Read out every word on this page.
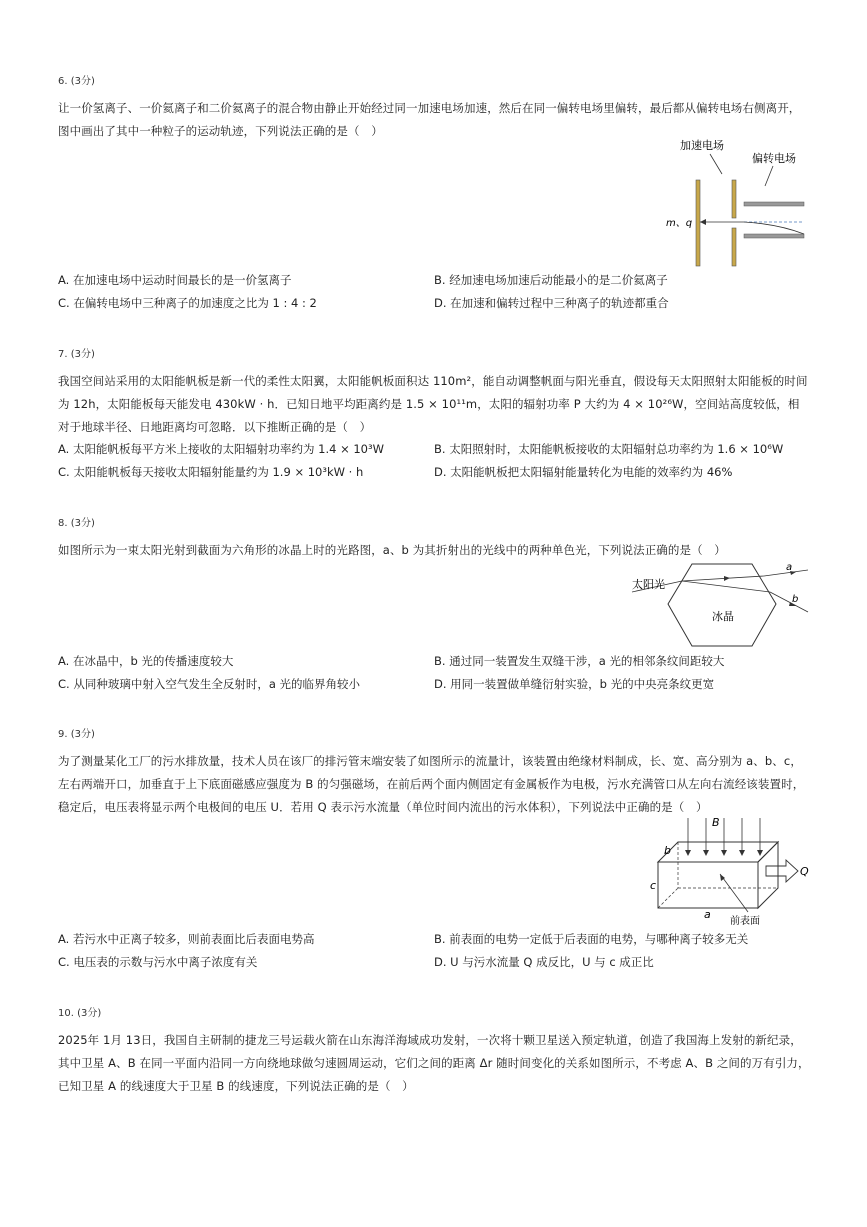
6. (3分)
让一价氢离子、一价氦离子和二价氦离子的混合物由静止开始经过同一加速电场加速，然后在同一偏转电场里偏转，最后都从偏转电场右侧离开，图中画出了其中一种粒子的运动轨迹，下列说法正确的是（　）
加速电场
偏转电场
m、q
A. 在加速电场中运动时间最长的是一价氢离子	B. 经加速电场加速后动能最小的是二价氦离子
C. 在偏转电场中三种离子的加速度之比为 1 : 4 : 2	D. 在加速和偏转过程中三种离子的轨迹都重合
7. (3分)
我国空间站采用的太阳能帆板是新一代的柔性太阳翼，太阳能帆板面积达 110m²，能自动调整帆面与阳光垂直，假设每天太阳照射太阳能板的时间为 12h，太阳能板每天能发电 430kW · h．已知日地平均距离约是 1.5 × 10¹¹m，太阳的辐射功率 P 大约为 4 × 10²⁶W，空间站高度较低，相对于地球半径、日地距离均可忽略．以下推断正确的是（　）
A. 太阳能帆板每平方米上接收的太阳辐射功率约为 1.4 × 10³W	B. 太阳照射时，太阳能帆板接收的太阳辐射总功率约为 1.6 × 10⁶W
C. 太阳能帆板每天接收太阳辐射能量约为 1.9 × 10³kW · h	D. 太阳能帆板把太阳辐射能量转化为电能的效率约为 46%
8. (3分)
如图所示为一束太阳光射到截面为六角形的冰晶上时的光路图，a、b 为其折射出的光线中的两种单色光，下列说法正确的是（　）
太阳光
冰晶
a
b
A. 在冰晶中，b 光的传播速度较大	B. 通过同一装置发生双缝干涉，a 光的相邻条纹间距较大
C. 从同种玻璃中射入空气发生全反射时，a 光的临界角较小	D. 用同一装置做单缝衍射实验，b 光的中央亮条纹更宽
9. (3分)
为了测量某化工厂的污水排放量，技术人员在该厂的排污管末端安装了如图所示的流量计，该装置由绝缘材料制成，长、宽、高分别为 a、b、c，左右两端开口，加垂直于上下底面磁感应强度为 B 的匀强磁场，在前后两个面内侧固定有金属板作为电极，污水充满管口从左向右流经该装置时，稳定后，电压表将显示两个电极间的电压 U．若用 Q 表示污水流量（单位时间内流出的污水体积），下列说法中正确的是（　）
B
b
c
a
Q
前表面
A. 若污水中正离子较多，则前表面比后表面电势高	B. 前表面的电势一定低于后表面的电势，与哪种离子较多无关
C. 电压表的示数与污水中离子浓度有关	D. U 与污水流量 Q 成反比，U 与 c 成正比
10. (3分)
2025年 1月 13日，我国自主研制的捷龙三号运载火箭在山东海洋海域成功发射，一次将十颗卫星送入预定轨道，创造了我国海上发射的新纪录，其中卫星 A、B 在同一平面内沿同一方向绕地球做匀速圆周运动，它们之间的距离 Δr 随时间变化的关系如图所示，不考虑 A、B 之间的万有引力，已知卫星 A 的线速度大于卫星 B 的线速度，下列说法正确的是（　）
